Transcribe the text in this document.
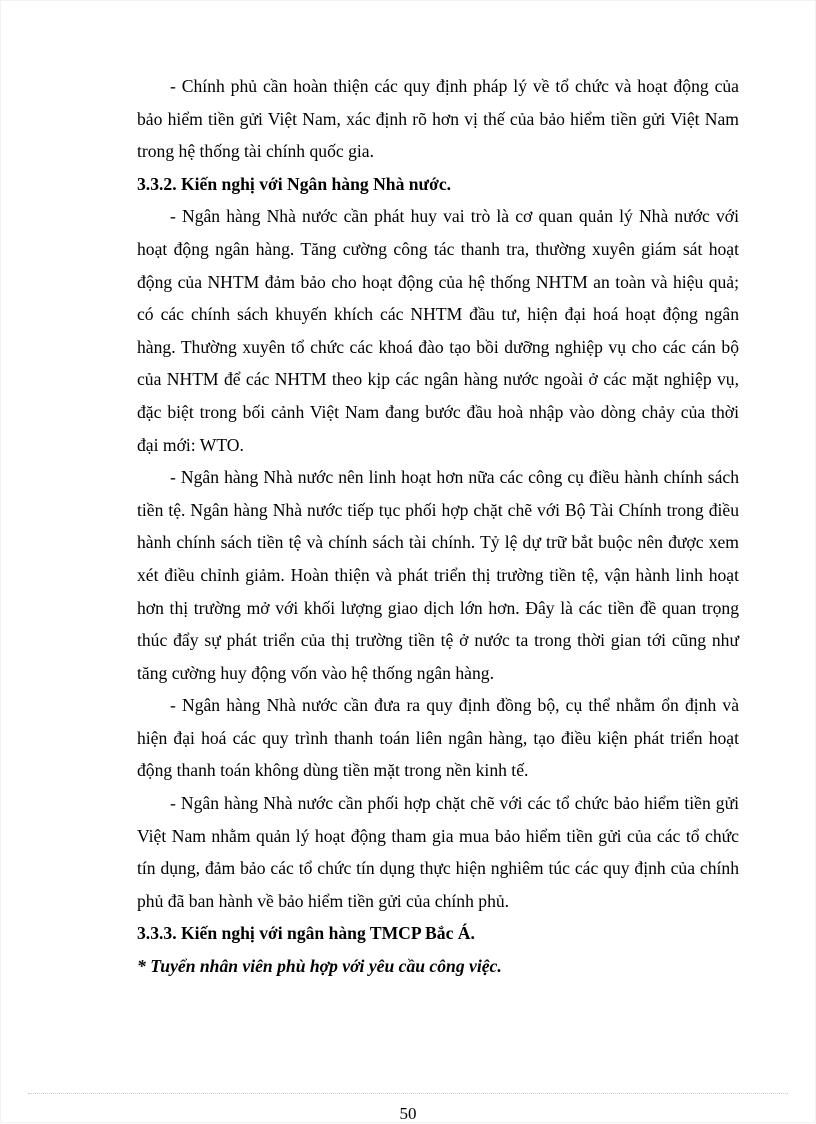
- Chính phủ cần hoàn thiện các quy định pháp lý về tổ chức và hoạt động của bảo hiểm tiền gửi Việt Nam, xác định rõ hơn vị thế của bảo hiểm tiền gửi Việt Nam trong hệ thống tài chính quốc gia.

3.3.2. Kiến nghị với Ngân hàng Nhà nước.

- Ngân hàng Nhà nước cần phát huy vai trò là cơ quan quản lý Nhà nước với hoạt động ngân hàng. Tăng cường công tác thanh tra, thường xuyên giám sát hoạt động của NHTM đảm bảo cho hoạt động của hệ thống NHTM an toàn và hiệu quả; có các chính sách khuyến khích các NHTM đầu tư, hiện đại hoá hoạt động ngân hàng. Thường xuyên tổ chức các khoá đào tạo bồi dưỡng nghiệp vụ cho các cán bộ của NHTM để các NHTM theo kịp các ngân hàng nước ngoài ở các mặt nghiệp vụ, đặc biệt trong bối cảnh Việt Nam đang bước đầu hoà nhập vào dòng chảy của thời đại mới: WTO.

- Ngân hàng Nhà nước nên linh hoạt hơn nữa các công cụ điều hành chính sách tiền tệ. Ngân hàng Nhà nước tiếp tục phối hợp chặt chẽ với Bộ Tài Chính trong điều hành chính sách tiền tệ và chính sách tài chính. Tỷ lệ dự trữ bắt buộc nên được xem xét điều chỉnh giảm. Hoàn thiện và phát triển thị trường tiền tệ, vận hành linh hoạt hơn thị trường mở với khối lượng giao dịch lớn hơn. Đây là các tiền đề quan trọng thúc đẩy sự phát triển của thị trường tiền tệ ở nước ta trong thời gian tới cũng như tăng cường huy động vốn vào hệ thống ngân hàng.

- Ngân hàng Nhà nước cần đưa ra quy định đồng bộ, cụ thể nhằm ổn định và hiện đại hoá các quy trình thanh toán liên ngân hàng, tạo điều kiện phát triển hoạt động thanh toán không dùng tiền mặt trong nền kinh tế.

- Ngân hàng Nhà nước cần phối hợp chặt chẽ với các tổ chức bảo hiểm tiền gửi Việt Nam nhằm quản lý hoạt động tham gia mua bảo hiểm tiền gửi của các tổ chức tín dụng, đảm bảo các tổ chức tín dụng thực hiện nghiêm túc các quy định của chính phủ đã ban hành về bảo hiểm tiền gửi của chính phủ.

3.3.3. Kiến nghị với ngân hàng TMCP Bắc Á.

* Tuyển nhân viên phù hợp với yêu cầu công việc.

50
